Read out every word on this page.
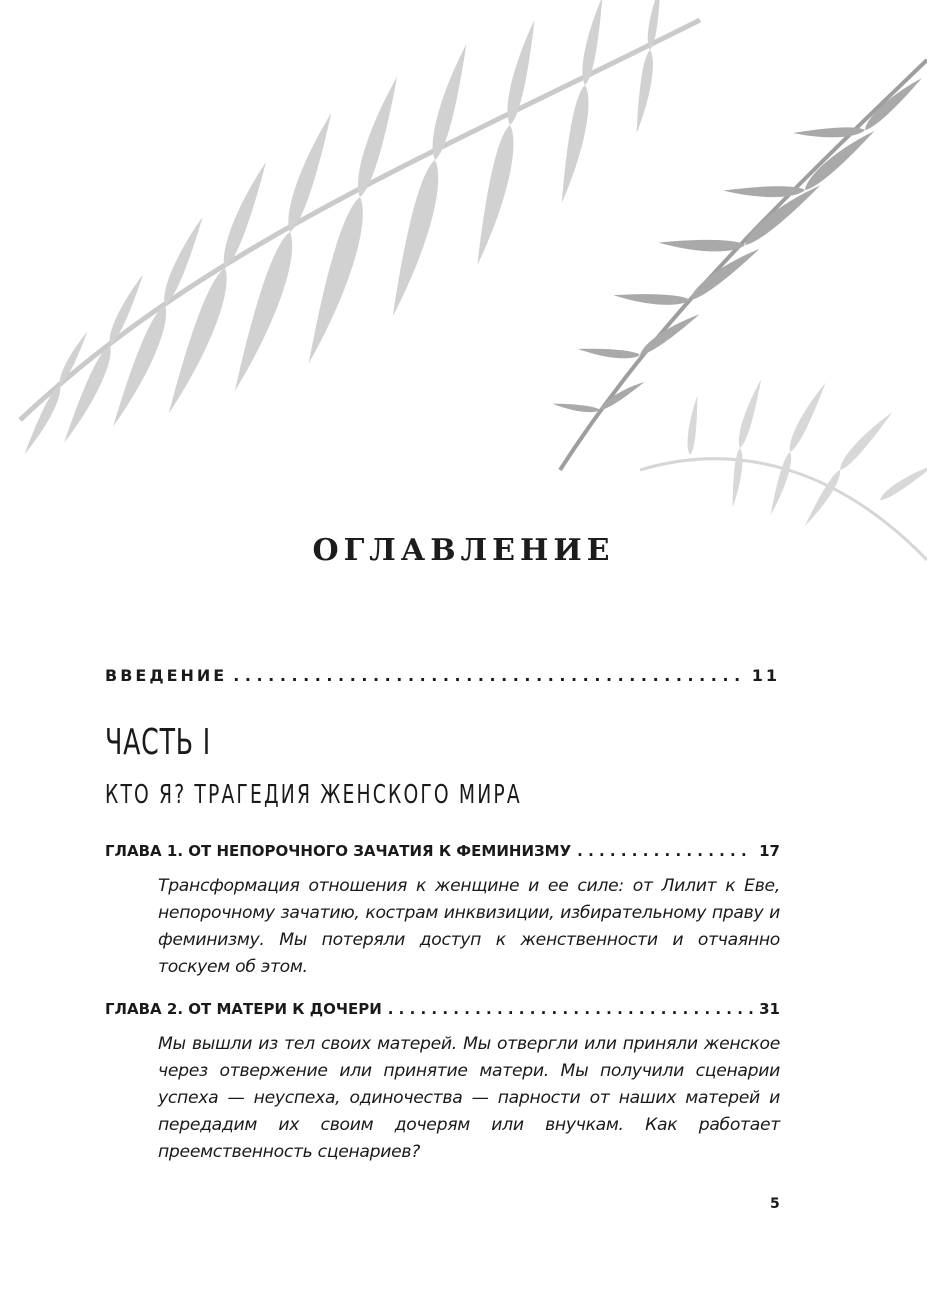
ОГЛАВЛЕНИЕ
ВВЕДЕНИЕ . . .	11
ЧАСТЬ I
КТО Я? ТРАГЕДИЯ ЖЕНСКОГО МИРА
ГЛАВА 1. ОТ НЕПОРОЧНОГО ЗАЧАТИЯ К ФЕМИНИЗМУ . . .	17

Трансформация отношения к женщине и ее силе: от Лилит к Еве, непорочному зачатию, кострам инквизиции, избирательному праву и феминизму. Мы потеряли доступ к женственности и отчаянно тоскуем об этом.

ГЛАВА 2. ОТ МАТЕРИ К ДОЧЕРИ . . .	31

Мы вышли из тел своих матерей. Мы отвергли или приняли женское через отвержение или принятие матери. Мы получили сценарии успеха — неуспеха, одиночества — парности от наших матерей и передадим их своим дочерям или внучкам. Как работает преемственность сценариев?

5
